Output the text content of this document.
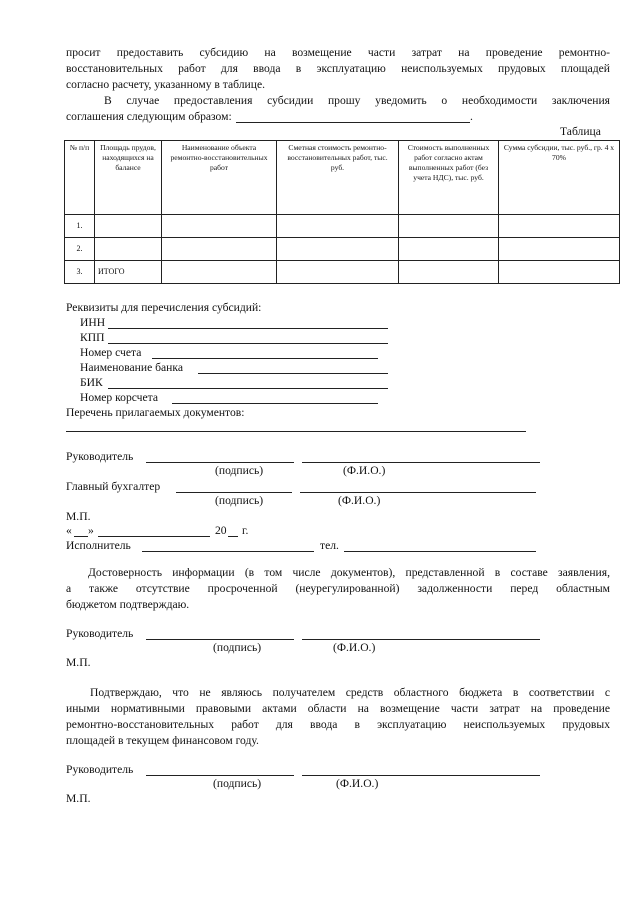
просит предоставить субсидию на возмещение части затрат на проведение ремонтно-
восстановительных работ для ввода в эксплуатацию неиспользуемых прудовых площадей
согласно расчету, указанному в таблице.
В случае предоставления субсидии прошу уведомить о необходимости заключения
соглашения следующим образом:	.
Таблица
№ п/п	Площадь прудов, находящихся на балансе	Наименование объекта ремонтно-восстановительных работ	Сметная стоимость ремонтно-восстановительных работ, тыс. руб.	Стоимость выполненных работ согласно актам выполненных работ (без учета НДС), тыс. руб.	Сумма субсидии, тыс. руб., гр. 4 х 70%
1.					
2.					
3.	ИТОГО				
Реквизиты для перечисления субсидий:
ИНН
КПП
Номер счета
Наименование банка
БИК
Номер корсчета
Перечень прилагаемых документов:
Руководитель
(подпись)	(Ф.И.О.)
Главный бухгалтер
(подпись)	(Ф.И.О.)
М.П.
« »	20 г.
Исполнитель	тел.
Достоверность информации (в том числе документов), представленной в составе заявления,
а также отсутствие просроченной (неурегулированной) задолженности перед областным
бюджетом подтверждаю.
Руководитель
(подпись)	(Ф.И.О.)
М.П.
Подтверждаю, что не являюсь получателем средств областного бюджета в соответствии с
иными нормативными правовыми актами области на возмещение части затрат на проведение
ремонтно-восстановительных работ для ввода в эксплуатацию неиспользуемых прудовых
площадей в текущем финансовом году.
Руководитель
(подпись)	(Ф.И.О.)
М.П.
